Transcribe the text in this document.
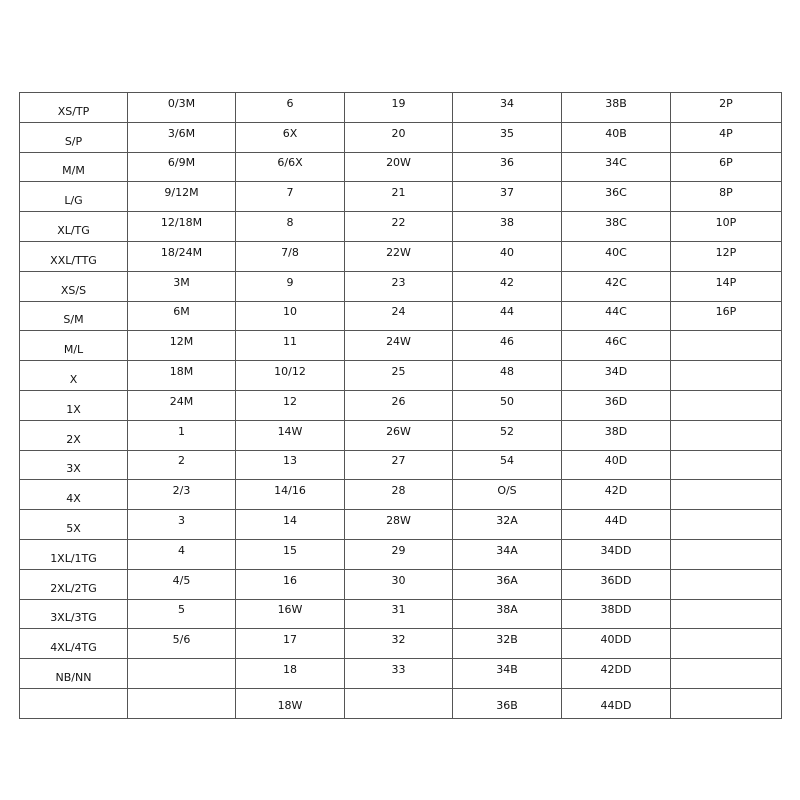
XS/TP	0/3M	6	19	34	38B	2P
S/P	3/6M	6X	20	35	40B	4P
M/M	6/9M	6/6X	20W	36	34C	6P
L/G	9/12M	7	21	37	36C	8P
XL/TG	12/18M	8	22	38	38C	10P
XXL/TTG	18/24M	7/8	22W	40	40C	12P
XS/S	3M	9	23	42	42C	14P
S/M	6M	10	24	44	44C	16P
M/L	12M	11	24W	46	46C	
X	18M	10/12	25	48	34D	
1X	24M	12	26	50	36D	
2X	1	14W	26W	52	38D	
3X	2	13	27	54	40D	
4X	2/3	14/16	28	O/S	42D	
5X	3	14	28W	32A	44D	
1XL/1TG	4	15	29	34A	34DD	
2XL/2TG	4/5	16	30	36A	36DD	
3XL/3TG	5	16W	31	38A	38DD	
4XL/4TG	5/6	17	32	32B	40DD	
NB/NN		18	33	34B	42DD	
		18W		36B	44DD	
